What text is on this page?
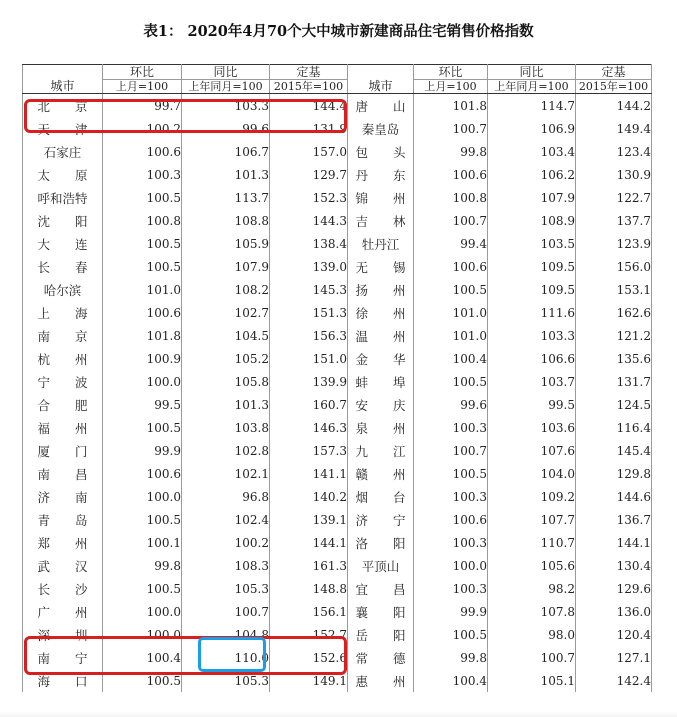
表1： 2020年4月70个大中城市新建商品住宅销售价格指数
城市	环比	同比	定基	城市	环比	同比	定基
	上月=100	上年同月=100	2015年=100		上月=100	上年同月=100	2015年=100
北　　京	99.7	103.3	144.4	唐　　山	101.8	114.7	144.2
天　　津	100.2	99.6	131.9	秦皇岛	100.7	106.9	149.4
石家庄	100.6	106.7	157.0	包　　头	99.8	103.4	123.4
太　　原	100.3	101.3	129.7	丹　　东	100.6	106.2	130.9
呼和浩特	100.5	113.7	152.3	锦　　州	100.8	107.9	122.7
沈　　阳	100.8	108.8	144.3	吉　　林	100.7	108.9	137.7
大　　连	100.5	105.9	138.4	牡丹江	99.4	103.5	123.9
长　　春	100.5	107.9	139.0	无　　锡	100.6	109.5	156.0
哈尔滨	101.0	108.2	145.3	扬　　州	100.5	109.5	153.1
上　　海	100.6	102.7	151.3	徐　　州	101.0	111.6	162.6
南　　京	101.8	104.5	156.3	温　　州	101.0	103.3	121.2
杭　　州	100.9	105.2	151.0	金　　华	100.4	106.6	135.6
宁　　波	100.0	105.8	139.9	蚌　　埠	100.5	103.7	131.7
合　　肥	99.5	101.3	160.7	安　　庆	99.6	99.5	124.5
福　　州	100.5	103.8	146.3	泉　　州	100.3	103.6	116.4
厦　　门	99.9	102.8	157.3	九　　江	100.7	107.6	145.4
南　　昌	100.6	102.1	141.1	赣　　州	100.5	104.0	129.8
济　　南	100.0	96.8	140.2	烟　　台	100.3	109.2	144.6
青　　岛	100.5	102.4	139.1	济　　宁	100.6	107.7	136.7
郑　　州	100.1	100.2	144.1	洛　　阳	100.3	110.7	144.1
武　　汉	99.8	108.3	161.3	平顶山	100.0	105.6	130.4
长　　沙	100.5	105.3	148.8	宜　　昌	100.3	98.2	129.6
广　　州	100.0	100.7	156.1	襄　　阳	99.9	107.8	136.0
深　　圳	100.0	104.8	152.7	岳　　阳	100.5	98.0	120.4
南　　宁	100.4	110.0	152.6	常　　德	99.8	100.7	127.1
海　　口	100.5	105.3	149.1	惠　　州	100.4	105.1	142.4
